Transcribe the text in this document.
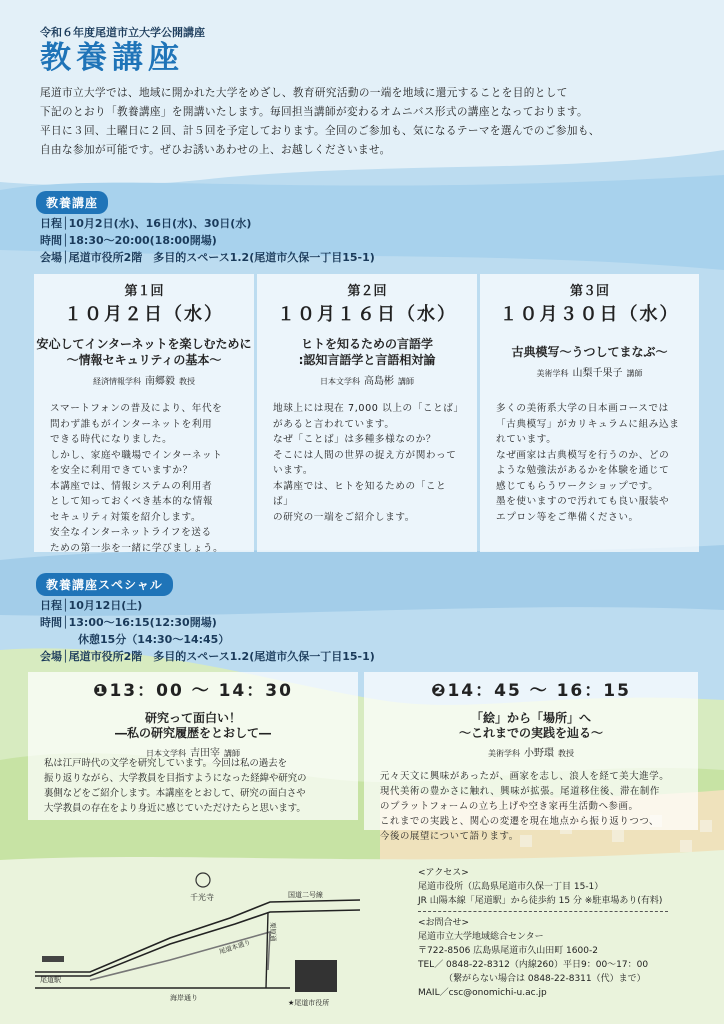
令和６年度尾道市立大学公開講座
教養講座
尾道市立大学では、地域に開かれた大学をめざし、教育研究活動の一端を地域に還元することを目的として
下記のとおり「教養講座」を開講いたします。毎回担当講師が変わるオムニバス形式の講座となっております。
平日に３回、土曜日に２回、計５回を予定しております。全回のご参加も、気になるテーマを選んでのご参加も、
自由な参加が可能です。ぜひお誘いあわせの上、お越しくださいませ。
教養講座
日程│10月2日(水)、16日(水)、30日(水)
時間│18:30～20:00(18:00開場)
会場│尾道市役所2階　多目的スペース1.2(尾道市久保一丁目15-1)
第１回
１０月２日（水）
安心してインターネットを楽しむために
～情報セキュリティの基本～
経済情報学科 南郷毅 教授
スマートフォンの普及により、年代を
問わず誰もがインターネットを利用
できる時代になりました。
しかし、家庭や職場でインターネット
を安全に利用できていますか？
本講座では、情報システムの利用者
として知っておくべき基本的な情報
セキュリティ対策を紹介します。
安全なインターネットライフを送る
ための第一歩を一緒に学びましょう。
第２回
１０月１６日（水）
ヒトを知るための言語学
:認知言語学と言語相対論
日本文学科 高島彬 講師
地球上には現在 7,000 以上の「ことば」
があると言われています。
なぜ「ことば」は多種多様なのか？
そこには人間の世界の捉え方が関わって
います。
本講座では、ヒトを知るための「ことば」
の研究の一端をご紹介します。
第３回
１０月３０日（水）
古典模写～うつしてまなぶ～
美術学科 山梨千果子 講師
多くの美術系大学の日本画コースでは
「古典模写」がカリキュラムに組み込ま
れています。
なぜ画家は古典模写を行うのか、どの
ような勉強法があるかを体験を通じて
感じてもらうワークショップです。
墨を使いますので汚れても良い服装や
エプロン等をご準備ください。
教養講座スペシャル
日程│10月12日(土)
時間│13:00～16:15(12:30開場)
休憩15分（14:30～14:45）
会場│尾道市役所2階　多目的スペース1.2(尾道市久保一丁目15-1)
❶13：00 ～ 14：30
研究って面白い！
―私の研究履歴をとおして―
日本文学科 吉田宰 講師
私は江戸時代の文学を研究しています。今回は私の過去を
振り返りながら、大学教員を目指すようになった経緯や研究の
裏側などをご紹介します。本講座をとおして、研究の面白さや
大学教員の存在をより身近に感じていただけたらと思います。
❷14：45 ～ 16：15
「絵」から「場所」へ
～これまでの実践を辿る～
美術学科 小野環 教授
元々天文に興味があったが、画家を志し、浪人を経て美大進学。
現代美術の豊かさに触れ、興味が拡張。尾道移住後、滞在制作
のプラットフォームの立ち上げや空き家再生活動へ参画。
これまでの実践と、関心の変遷を現在地点から振り返りつつ、
今後の展望について語ります。
千光寺	国道二号線
尾道本通り
海岸通り
栗原通
尾道駅
★尾道市役所
<アクセス>
尾道市役所（広島県尾道市久保一丁目 15-1）
JR 山陽本線「尾道駅」から徒歩約 15 分 ※駐車場あり(有料)
<お問合せ>
尾道市立大学地域総合センター
〒722-8506 広島県尾道市久山田町 1600-2
TEL／ 0848-22-8312（内線260）平日9：00～17：00
（繋がらない場合は 0848-22-8311（代）まで）
MAIL／csc@onomichi-u.ac.jp
